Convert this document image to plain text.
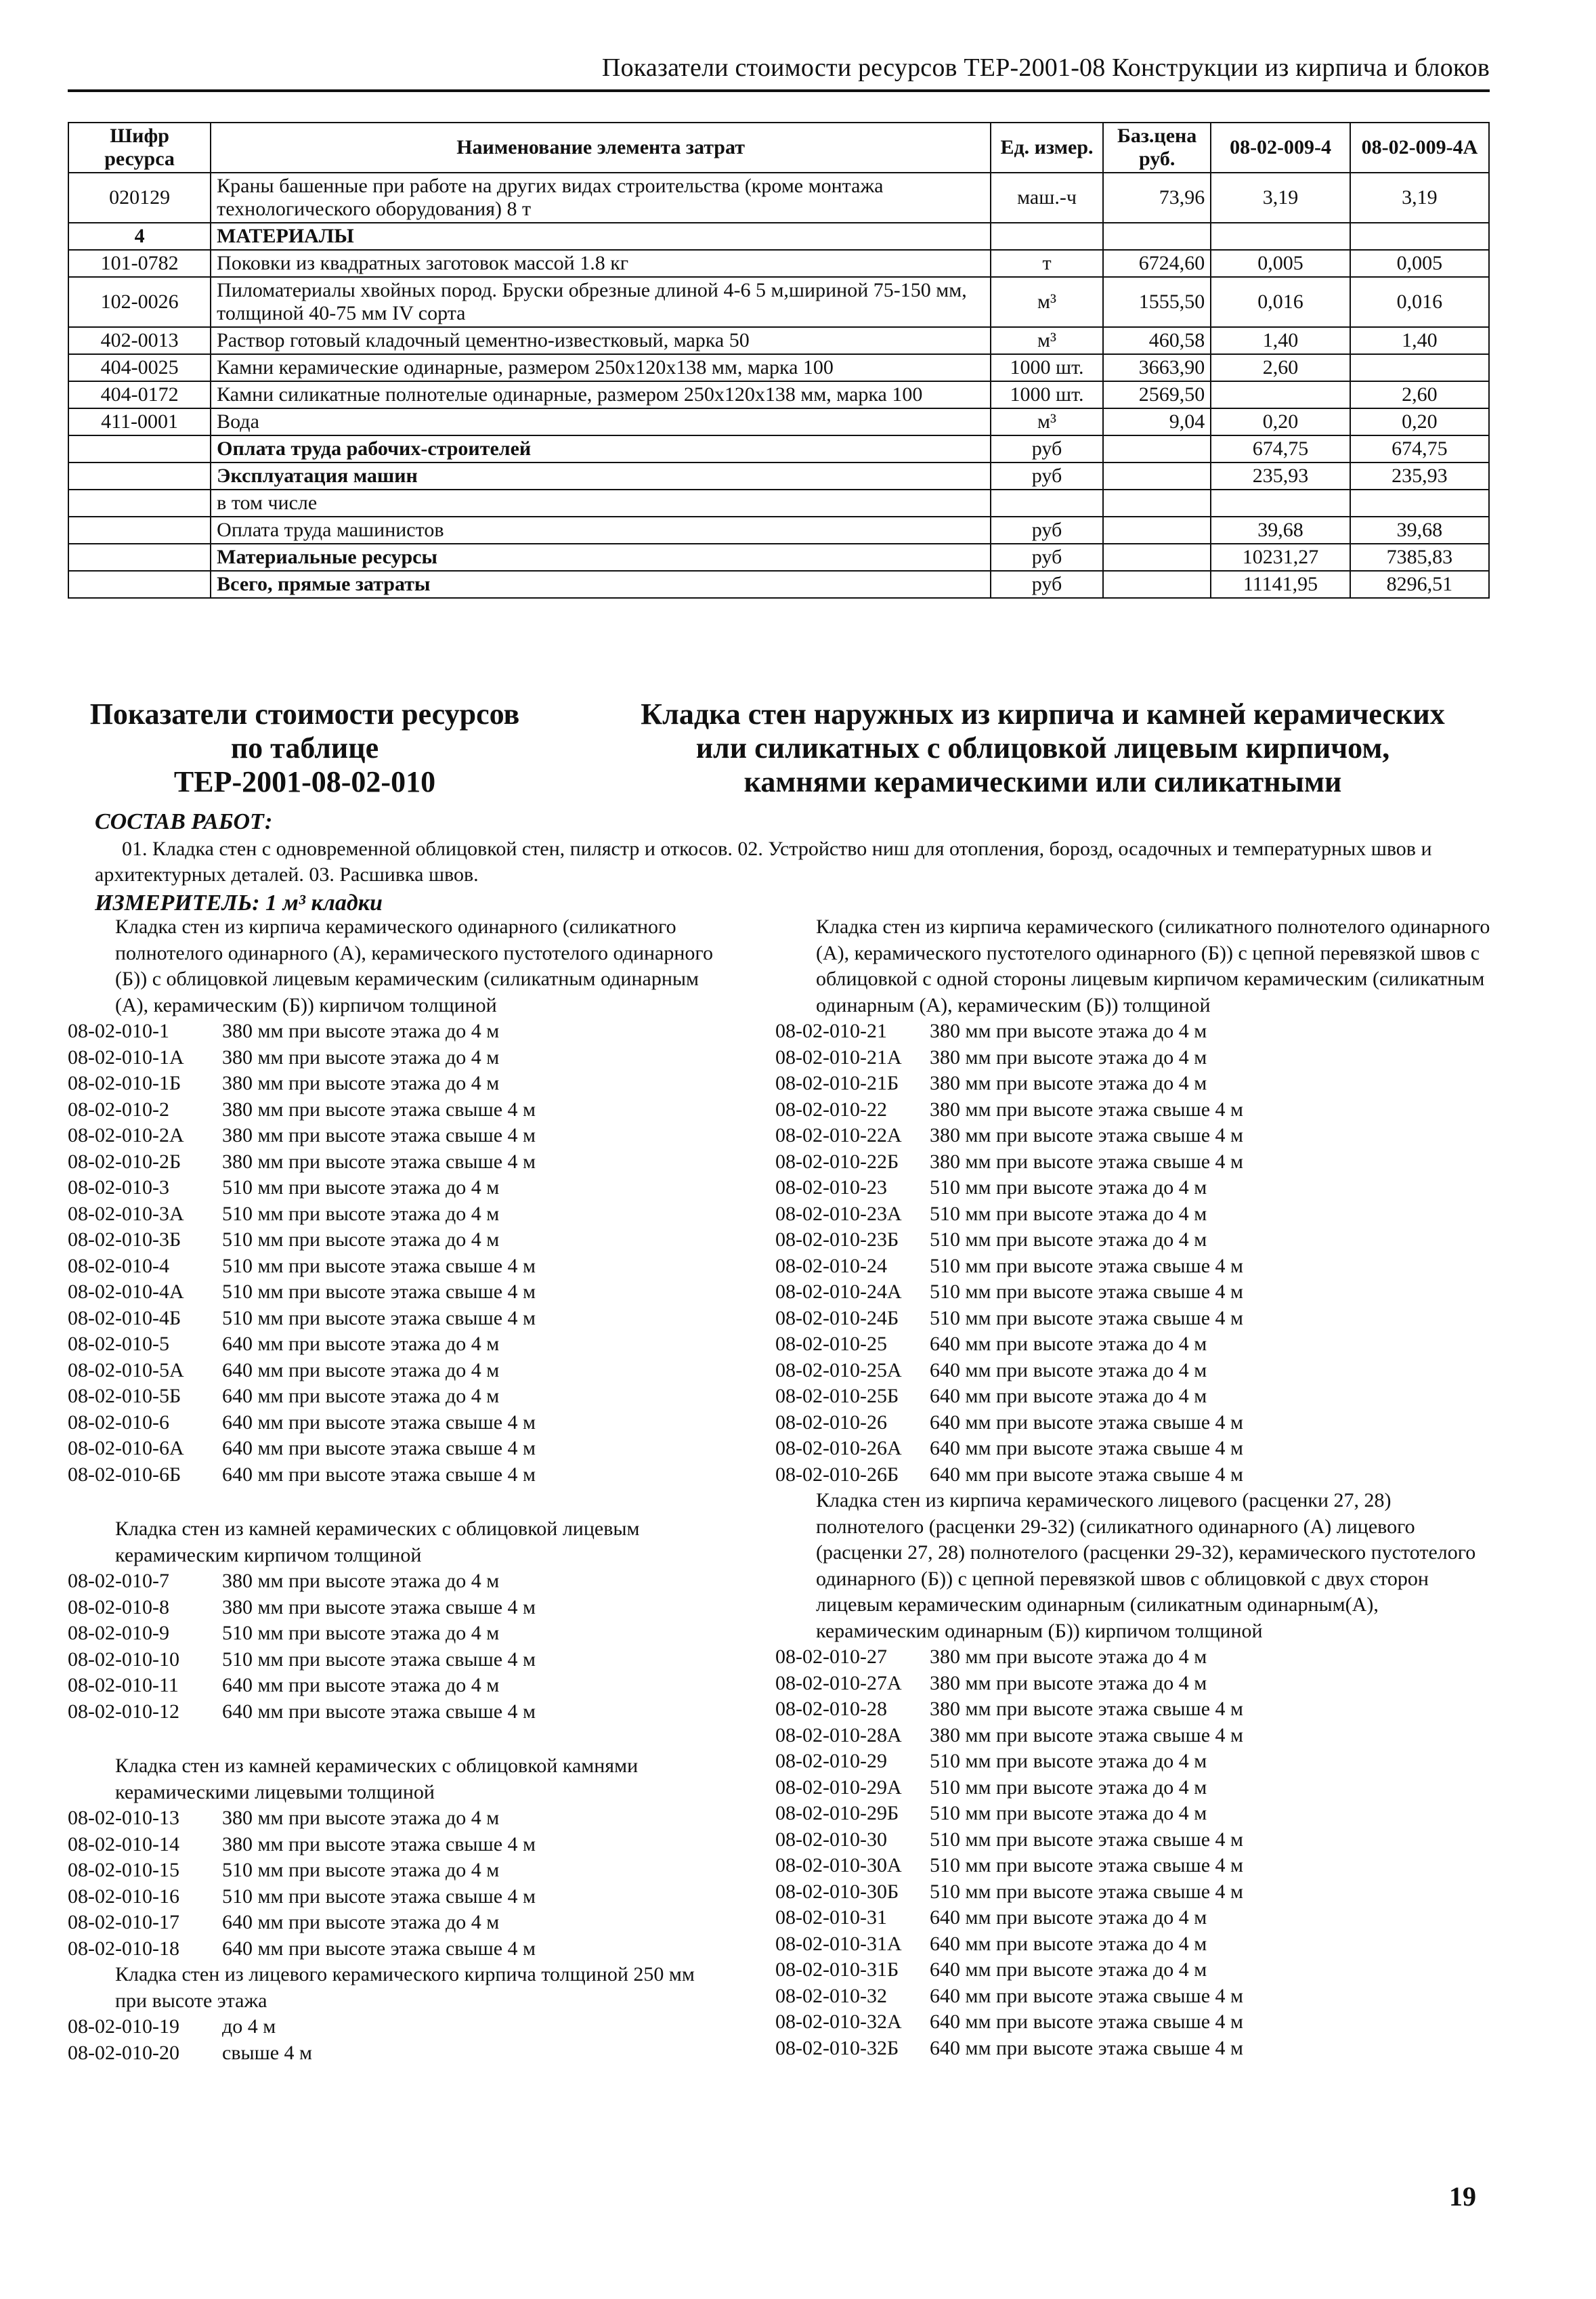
Показатели стоимости ресурсов ТЕР-2001-08 Конструкции из кирпича и блоков
Шифр ресурса	Наименование элемента затрат	Ед. измер.	Баз.цена руб.	08-02-009-4	08-02-009-4А
020129	Краны башенные при работе на других видах строительства (кроме монтажа технологического оборудования) 8 т	маш.-ч	73,96	3,19	3,19
4	МАТЕРИАЛЫ				
101-0782	Поковки из квадратных заготовок массой 1.8 кг	т	6724,60	0,005	0,005
102-0026	Пиломатериалы хвойных пород. Бруски обрезные длиной 4-6 5 м,шириной 75-150 мм, толщиной 40-75 мм IV сорта	м³	1555,50	0,016	0,016
402-0013	Раствор готовый кладочный цементно-известковый, марка 50	м³	460,58	1,40	1,40
404-0025	Камни керамические одинарные, размером 250x120x138 мм, марка 100	1000 шт.	3663,90	2,60	
404-0172	Камни силикатные полнотелые одинарные, размером 250x120x138 мм, марка 100	1000 шт.	2569,50		2,60
411-0001	Вода	м³	9,04	0,20	0,20
	Оплата труда рабочих-строителей	руб		674,75	674,75
	Эксплуатация машин	руб		235,93	235,93
	в том числе				
	Оплата труда машинистов	руб		39,68	39,68
	Материальные ресурсы	руб		10231,27	7385,83
	Всего, прямые затраты	руб		11141,95	8296,51
Показатели стоимости ресурсов
по таблице
ТЕР-2001-08-02-010
Кладка стен наружных из кирпича и камней керамических
или силикатных с облицовкой лицевым кирпичом,
камнями керамическими или силикатными
СОСТАВ РАБОТ:
01. Кладка стен с одновременной облицовкой стен, пилястр и откосов. 02. Устройство ниш для отопления, борозд, осадочных и температурных швов и архитектурных деталей. 03. Расшивка швов.
ИЗМЕРИТЕЛЬ: 1 м³ кладки

Кладка стен из кирпича керамического одинарного (силикатного полнотелого одинарного (А), керамического пустотелого одинарного (Б)) с облицовкой лицевым керамическим (силикатным одинарным (А), керамическим (Б)) кирпичом толщиной

08-02-010-1	380 мм при высоте этажа до 4 м
08-02-010-1А	380 мм при высоте этажа до 4 м
08-02-010-1Б	380 мм при высоте этажа до 4 м
08-02-010-2	380 мм при высоте этажа свыше 4 м
08-02-010-2А	380 мм при высоте этажа свыше 4 м
08-02-010-2Б	380 мм при высоте этажа свыше 4 м
08-02-010-3	510 мм при высоте этажа до 4 м
08-02-010-3А	510 мм при высоте этажа до 4 м
08-02-010-3Б	510 мм при высоте этажа до 4 м
08-02-010-4	510 мм при высоте этажа свыше 4 м
08-02-010-4А	510 мм при высоте этажа свыше 4 м
08-02-010-4Б	510 мм при высоте этажа свыше 4 м
08-02-010-5	640 мм при высоте этажа до 4 м
08-02-010-5А	640 мм при высоте этажа до 4 м
08-02-010-5Б	640 мм при высоте этажа до 4 м
08-02-010-6	640 мм при высоте этажа свыше 4 м
08-02-010-6А	640 мм при высоте этажа свыше 4 м
08-02-010-6Б	640 мм при высоте этажа свыше 4 м

Кладка стен из камней керамических с облицовкой лицевым керамическим кирпичом толщиной

08-02-010-7	380 мм при высоте этажа до 4 м
08-02-010-8	380 мм при высоте этажа свыше 4 м
08-02-010-9	510 мм при высоте этажа до 4 м
08-02-010-10	510 мм при высоте этажа свыше 4 м
08-02-010-11	640 мм при высоте этажа до 4 м
08-02-010-12	640 мм при высоте этажа свыше 4 м

Кладка стен из камней керамических с облицовкой камнями керамическими лицевыми толщиной

08-02-010-13	380 мм при высоте этажа до 4 м
08-02-010-14	380 мм при высоте этажа свыше 4 м
08-02-010-15	510 мм при высоте этажа до 4 м
08-02-010-16	510 мм при высоте этажа свыше 4 м
08-02-010-17	640 мм при высоте этажа до 4 м
08-02-010-18	640 мм при высоте этажа свыше 4 м

Кладка стен из лицевого керамического кирпича толщиной 250 мм при высоте этажа

08-02-010-19	до 4 м
08-02-010-20	свыше 4 м

Кладка стен из кирпича керамического (силикатного полнотелого одинарного (А), керамического пустотелого одинарного (Б)) с цепной перевязкой швов с облицовкой с одной стороны лицевым кирпичом керамическим (силикатным одинарным (А), керамическим (Б)) толщиной

08-02-010-21	380 мм при высоте этажа до 4 м
08-02-010-21А	380 мм при высоте этажа до 4 м
08-02-010-21Б	380 мм при высоте этажа до 4 м
08-02-010-22	380 мм при высоте этажа свыше 4 м
08-02-010-22А	380 мм при высоте этажа свыше 4 м
08-02-010-22Б	380 мм при высоте этажа свыше 4 м
08-02-010-23	510 мм при высоте этажа до 4 м
08-02-010-23А	510 мм при высоте этажа до 4 м
08-02-010-23Б	510 мм при высоте этажа до 4 м
08-02-010-24	510 мм при высоте этажа свыше 4 м
08-02-010-24А	510 мм при высоте этажа свыше 4 м
08-02-010-24Б	510 мм при высоте этажа свыше 4 м
08-02-010-25	640 мм при высоте этажа до 4 м
08-02-010-25А	640 мм при высоте этажа до 4 м
08-02-010-25Б	640 мм при высоте этажа до 4 м
08-02-010-26	640 мм при высоте этажа свыше 4 м
08-02-010-26А	640 мм при высоте этажа свыше 4 м
08-02-010-26Б	640 мм при высоте этажа свыше 4 м

Кладка стен из кирпича керамического лицевого (расценки 27, 28) полнотелого (расценки 29-32) (силикатного одинарного (А) лицевого (расценки 27, 28) полнотелого (расценки 29-32), керамического пустотелого одинарного (Б)) с цепной перевязкой швов с облицовкой с двух сторон лицевым керамическим одинарным (силикатным одинарным(А), керамическим одинарным (Б)) кирпичом толщиной

08-02-010-27	380 мм при высоте этажа до 4 м
08-02-010-27А	380 мм при высоте этажа до 4 м
08-02-010-28	380 мм при высоте этажа свыше 4 м
08-02-010-28А	380 мм при высоте этажа свыше 4 м
08-02-010-29	510 мм при высоте этажа до 4 м
08-02-010-29А	510 мм при высоте этажа до 4 м
08-02-010-29Б	510 мм при высоте этажа до 4 м
08-02-010-30	510 мм при высоте этажа свыше 4 м
08-02-010-30А	510 мм при высоте этажа свыше 4 м
08-02-010-30Б	510 мм при высоте этажа свыше 4 м
08-02-010-31	640 мм при высоте этажа до 4 м
08-02-010-31А	640 мм при высоте этажа до 4 м
08-02-010-31Б	640 мм при высоте этажа до 4 м
08-02-010-32	640 мм при высоте этажа свыше 4 м
08-02-010-32А	640 мм при высоте этажа свыше 4 м
08-02-010-32Б	640 мм при высоте этажа свыше 4 м
19
